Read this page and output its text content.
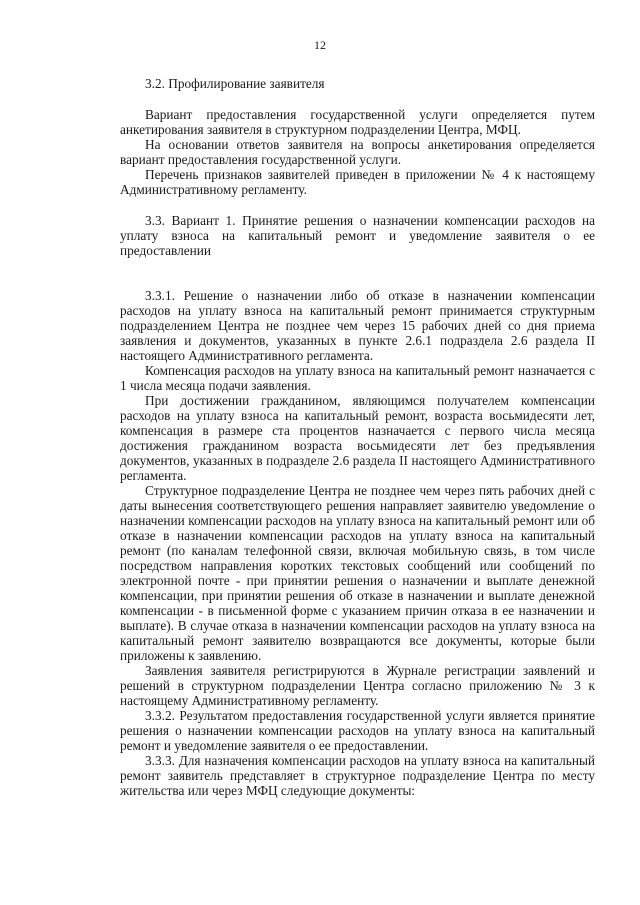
12

3.2. Профилирование заявителя

Вариант предоставления государственной услуги определяется путем анкетирования заявителя в структурном подразделении Центра, МФЦ.

На основании ответов заявителя на вопросы анкетирования определяется вариант предоставления государственной услуги.

Перечень признаков заявителей приведен в приложении № 4 к настоящему Административному регламенту.

3.3. Вариант 1. Принятие решения о назначении компенсации расходов на уплату взноса на капитальный ремонт и уведомление заявителя о ее предоставлении

3.3.1. Решение о назначении либо об отказе в назначении компенсации расходов на уплату взноса на капитальный ремонт принимается структурным подразделением Центра не позднее чем через 15 рабочих дней со дня приема заявления и документов, указанных в пункте 2.6.1 подраздела 2.6 раздела II настоящего Административного регламента.

Компенсация расходов на уплату взноса на капитальный ремонт назначается с 1 числа месяца подачи заявления.

При достижении гражданином, являющимся получателем компенсации расходов на уплату взноса на капитальный ремонт, возраста восьмидесяти лет, компенсация в размере ста процентов назначается с первого числа месяца достижения гражданином возраста восьмидесяти лет без предъявления документов, указанных в подразделе 2.6 раздела II настоящего Административного регламента.

Структурное подразделение Центра не позднее чем через пять рабочих дней с даты вынесения соответствующего решения направляет заявителю уведомление о назначении компенсации расходов на уплату взноса на капитальный ремонт или об отказе в назначении компенсации расходов на уплату взноса на капитальный ремонт (по каналам телефонной связи, включая мобильную связь, в том числе посредством направления коротких текстовых сообщений или сообщений по электронной почте - при принятии решения о назначении и выплате денежной компенсации, при принятии решения об отказе в назначении и выплате денежной компенсации - в письменной форме с указанием причин отказа в ее назначении и выплате). В случае отказа в назначении компенсации расходов на уплату взноса на капитальный ремонт заявителю возвращаются все документы, которые были приложены к заявлению.

Заявления заявителя регистрируются в Журнале регистрации заявлений и решений в структурном подразделении Центра согласно приложению № 3 к настоящему Административному регламенту.

3.3.2. Результатом предоставления государственной услуги является принятие решения о назначении компенсации расходов на уплату взноса на капитальный ремонт и уведомление заявителя о ее предоставлении.

3.3.3. Для назначения компенсации расходов на уплату взноса на капитальный ремонт заявитель представляет в структурное подразделение Центра по месту жительства или через МФЦ следующие документы:
